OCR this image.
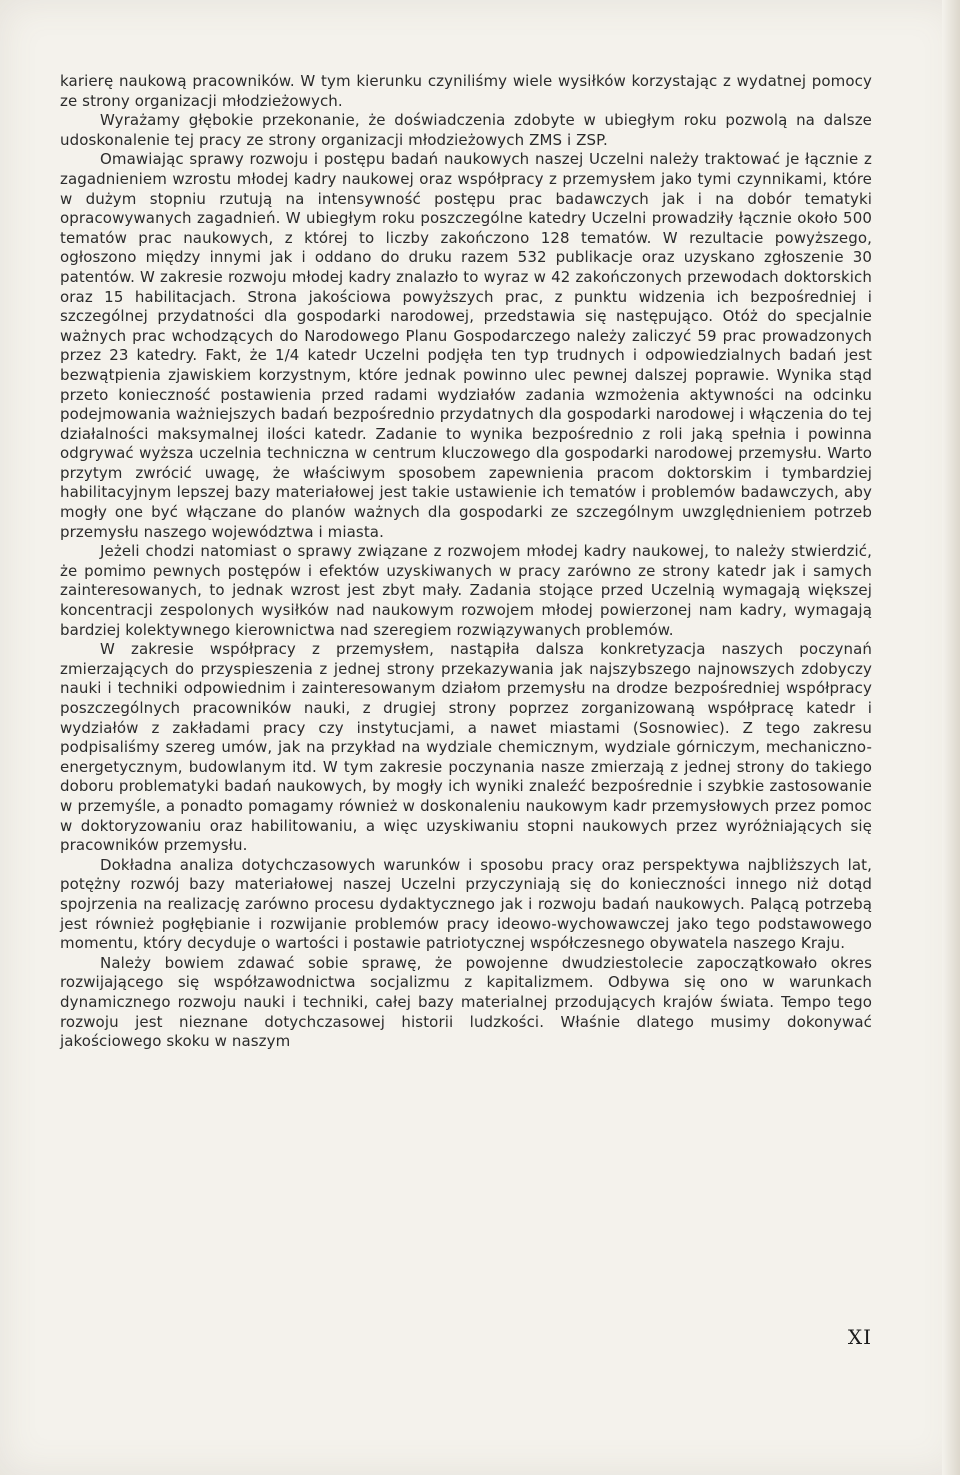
karierę naukową pracowników. W tym kierunku czyniliśmy wiele wysiłków korzystając z wydatnej pomocy ze strony organizacji młodzieżowych.

Wyrażamy głębokie przekonanie, że doświadczenia zdobyte w ubiegłym roku pozwolą na dalsze udoskonalenie tej pracy ze strony organizacji młodzieżowych ZMS i ZSP.

Omawiając sprawy rozwoju i postępu badań naukowych naszej Uczelni należy traktować je łącznie z zagadnieniem wzrostu młodej kadry naukowej oraz współpracy z przemysłem jako tymi czynnikami, które w dużym stopniu rzutują na intensywność postępu prac badawczych jak i na dobór tematyki opracowywanych zagadnień. W ubiegłym roku poszczególne katedry Uczelni prowadziły łącznie około 500 tematów prac naukowych, z której to liczby zakończono 128 tematów. W rezultacie powyższego, ogłoszono między innymi jak i oddano do druku razem 532 publikacje oraz uzyskano zgłoszenie 30 patentów. W zakresie rozwoju młodej kadry znalazło to wyraz w 42 zakończonych przewodach doktorskich oraz 15 habilitacjach. Strona jakościowa powyższych prac, z punktu widzenia ich bezpośredniej i szczególnej przydatności dla gospodarki narodowej, przedstawia się następująco. Otóż do specjalnie ważnych prac wchodzących do Narodowego Planu Gospodarczego należy zaliczyć 59 prac prowadzonych przez 23 katedry. Fakt, że 1/4 katedr Uczelni podjęła ten typ trudnych i odpowiedzialnych badań jest bezwątpienia zjawiskiem korzystnym, które jednak powinno ulec pewnej dalszej poprawie. Wynika stąd przeto konieczność postawienia przed radami wydziałów zadania wzmożenia aktywności na odcinku podejmowania ważniejszych badań bezpośrednio przydatnych dla gospodarki narodowej i włączenia do tej działalności maksymalnej ilości katedr. Zadanie to wynika bezpośrednio z roli jaką spełnia i powinna odgrywać wyższa uczelnia techniczna w centrum kluczowego dla gospodarki narodowej przemysłu. Warto przytym zwrócić uwagę, że właściwym sposobem zapewnienia pracom doktorskim i tymbardziej habilitacyjnym lepszej bazy materiałowej jest takie ustawienie ich tematów i problemów badawczych, aby mogły one być włączane do planów ważnych dla gospodarki ze szczególnym uwzględnieniem potrzeb przemysłu naszego województwa i miasta.

Jeżeli chodzi natomiast o sprawy związane z rozwojem młodej kadry naukowej, to należy stwierdzić, że pomimo pewnych postępów i efektów uzyskiwanych w pracy zarówno ze strony katedr jak i samych zainteresowanych, to jednak wzrost jest zbyt mały. Zadania stojące przed Uczelnią wymagają większej koncentracji zespolonych wysiłków nad naukowym rozwojem młodej powierzonej nam kadry, wymagają bardziej kolektywnego kierownictwa nad szeregiem rozwiązywanych problemów.

W zakresie współpracy z przemysłem, nastąpiła dalsza konkretyzacja naszych poczynań zmierzających do przyspieszenia z jednej strony przekazywania jak najszybszego najnowszych zdobyczy nauki i techniki odpowiednim i zainteresowanym działom przemysłu na drodze bezpośredniej współpracy poszczególnych pracowników nauki, z drugiej strony poprzez zorganizowaną współpracę katedr i wydziałów z zakładami pracy czy instytucjami, a nawet miastami (Sosnowiec). Z tego zakresu podpisaliśmy szereg umów, jak na przykład na wydziale chemicznym, wydziale górniczym, mechaniczno-energetycznym, budowlanym itd. W tym zakresie poczynania nasze zmierzają z jednej strony do takiego doboru problematyki badań naukowych, by mogły ich wyniki znaleźć bezpośrednie i szybkie zastosowanie w przemyśle, a ponadto pomagamy również w doskonaleniu naukowym kadr przemysłowych przez pomoc w doktoryzowaniu oraz habilitowaniu, a więc uzyskiwaniu stopni naukowych przez wyróżniających się pracowników przemysłu.

Dokładna analiza dotychczasowych warunków i sposobu pracy oraz perspektywa najbliższych lat, potężny rozwój bazy materiałowej naszej Uczelni przyczyniają się do konieczności innego niż dotąd spojrzenia na realizację zarówno procesu dydaktycznego jak i rozwoju badań naukowych. Palącą potrzebą jest również pogłębianie i rozwijanie problemów pracy ideowo-wychowawczej jako tego podstawowego momentu, który decyduje o wartości i postawie patriotycznej współczesnego obywatela naszego Kraju.

Należy bowiem zdawać sobie sprawę, że powojenne dwudziestolecie zapoczątkowało okres rozwijającego się współzawodnictwa socjalizmu z kapitalizmem. Odbywa się ono w warunkach dynamicznego rozwoju nauki i techniki, całej bazy materialnej przodujących krajów świata. Tempo tego rozwoju jest nieznane dotychczasowej historii ludzkości. Właśnie dlatego musimy dokonywać jakościowego skoku w naszym

XI
